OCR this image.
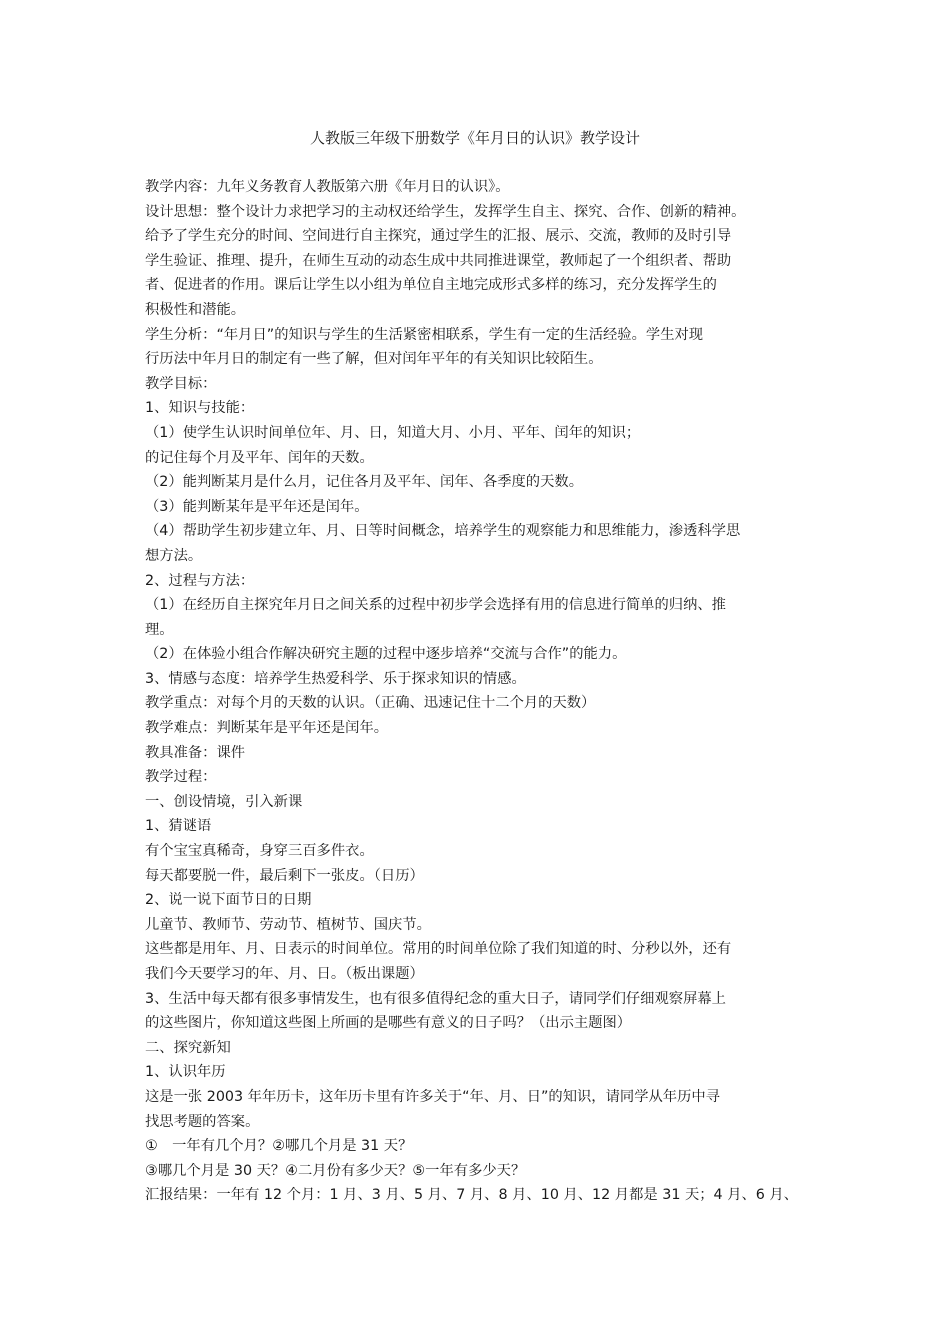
人教版三年级下册数学《年月日的认识》教学设计
教学内容：九年义务教育人教版第六册《年月日的认识》。
设计思想：整个设计力求把学习的主动权还给学生，发挥学生自主、探究、合作、创新的精神。
给予了学生充分的时间、空间进行自主探究，通过学生的汇报、展示、交流，教师的及时引导
学生验证、推理、提升，在师生互动的动态生成中共同推进课堂，教师起了一个组织者、帮助
者、促进者的作用。课后让学生以小组为单位自主地完成形式多样的练习，充分发挥学生的
积极性和潜能。
学生分析：“年月日”的知识与学生的生活紧密相联系，学生有一定的生活经验。学生对现
行历法中年月日的制定有一些了解，但对闰年平年的有关知识比较陌生。
教学目标：
1、知识与技能：
（1）使学生认识时间单位年、月、日，知道大月、小月、平年、闰年的知识；
的记住每个月及平年、闰年的天数。
（2）能判断某月是什么月，记住各月及平年、闰年、各季度的天数。
（3）能判断某年是平年还是闰年。
（4）帮助学生初步建立年、月、日等时间概念，培养学生的观察能力和思维能力，渗透科学思
想方法。
2、过程与方法：
（1）在经历自主探究年月日之间关系的过程中初步学会选择有用的信息进行简单的归纳、推
理。
（2）在体验小组合作解决研究主题的过程中逐步培养“交流与合作”的能力。
3、情感与态度：培养学生热爱科学、乐于探求知识的情感。
教学重点：对每个月的天数的认识。（正确、迅速记住十二个月的天数）
教学难点：判断某年是平年还是闰年。
教具准备：课件
教学过程：
一、创设情境，引入新课
1、猜谜语
有个宝宝真稀奇，身穿三百多件衣。
每天都要脱一件，最后剩下一张皮。（日历）
2、说一说下面节日的日期
儿童节、教师节、劳动节、植树节、国庆节。
这些都是用年、月、日表示的时间单位。常用的时间单位除了我们知道的时、分秒以外，还有
我们今天要学习的年、月、日。（板出课题）
3、生活中每天都有很多事情发生，也有很多值得纪念的重大日子，请同学们仔细观察屏幕上
的这些图片，你知道这些图上所画的是哪些有意义的日子吗？（出示主题图）
二、探究新知
1、认识年历
这是一张 2003 年年历卡，这年历卡里有许多关于“年、月、日”的知识，请同学从年历中寻
找思考题的答案。
①　一年有几个月？②哪几个月是 31 天？
③哪几个月是 30 天？④二月份有多少天？⑤一年有多少天？
汇报结果：一年有 12 个月：1 月、3 月、5 月、7 月、8 月、10 月、12 月都是 31 天；4 月、6 月、
